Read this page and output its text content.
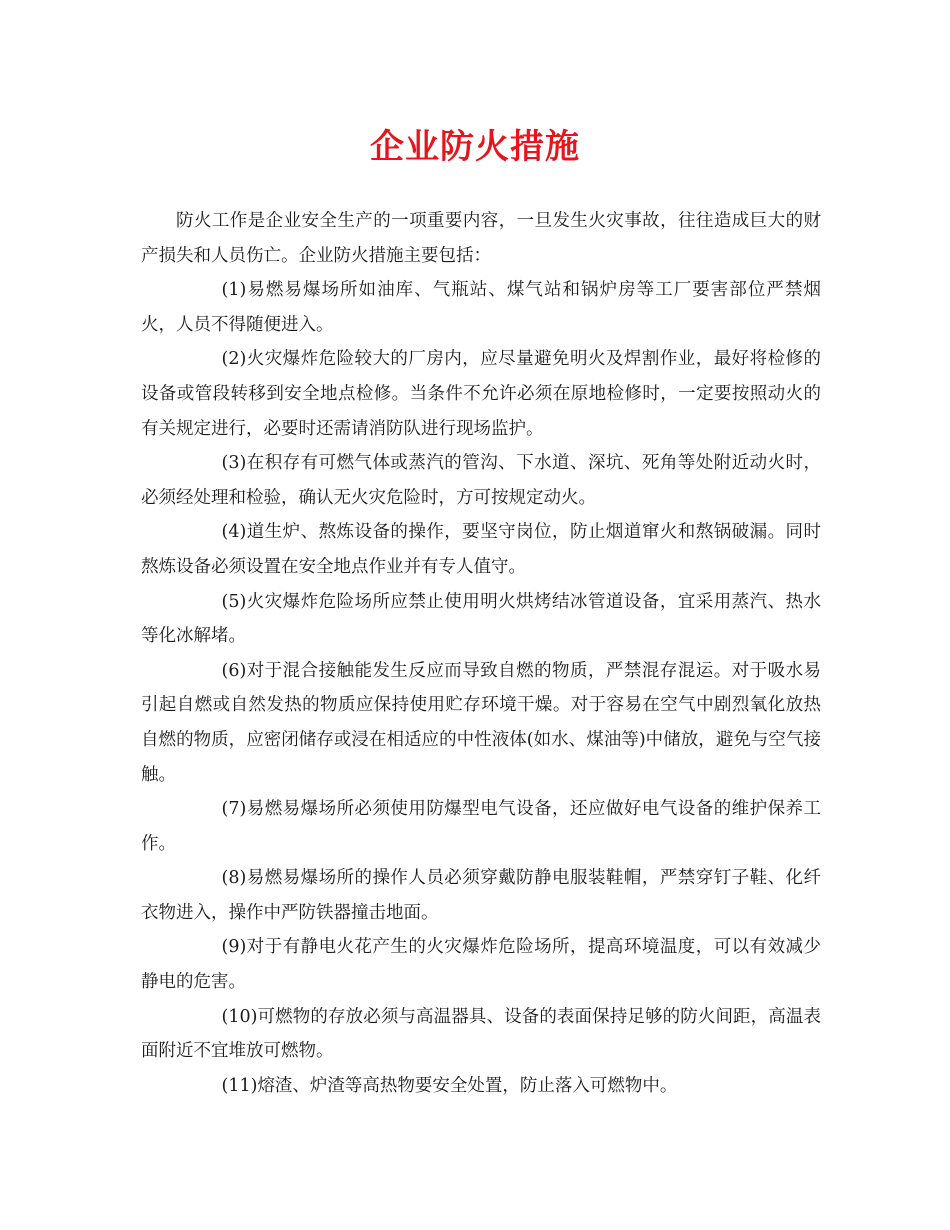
企业防火措施

防火工作是企业安全生产的一项重要内容，一旦发生火灾事故，往往造成巨大的财产损失和人员伤亡。企业防火措施主要包括：

(1)易燃易爆场所如油库、气瓶站、煤气站和锅炉房等工厂要害部位严禁烟火，人员不得随便进入。

(2)火灾爆炸危险较大的厂房内，应尽量避免明火及焊割作业，最好将检修的设备或管段转移到安全地点检修。当条件不允许必须在原地检修时，一定要按照动火的有关规定进行，必要时还需请消防队进行现场监护。

(3)在积存有可燃气体或蒸汽的管沟、下水道、深坑、死角等处附近动火时，必须经处理和检验，确认无火灾危险时，方可按规定动火。

(4)道生炉、熬炼设备的操作，要坚守岗位，防止烟道窜火和熬锅破漏。同时熬炼设备必须设置在安全地点作业并有专人值守。

(5)火灾爆炸危险场所应禁止使用明火烘烤结冰管道设备，宜采用蒸汽、热水等化冰解堵。

(6)对于混合接触能发生反应而导致自燃的物质，严禁混存混运。对于吸水易引起自燃或自然发热的物质应保持使用贮存环境干燥。对于容易在空气中剧烈氧化放热自燃的物质，应密闭储存或浸在相适应的中性液体(如水、煤油等)中储放，避免与空气接触。

(7)易燃易爆场所必须使用防爆型电气设备，还应做好电气设备的维护保养工作。

(8)易燃易爆场所的操作人员必须穿戴防静电服装鞋帽，严禁穿钉子鞋、化纤衣物进入，操作中严防铁器撞击地面。

(9)对于有静电火花产生的火灾爆炸危险场所，提高环境温度，可以有效减少静电的危害。

(10)可燃物的存放必须与高温器具、设备的表面保持足够的防火间距，高温表面附近不宜堆放可燃物。

(11)熔渣、炉渣等高热物要安全处置，防止落入可燃物中。
